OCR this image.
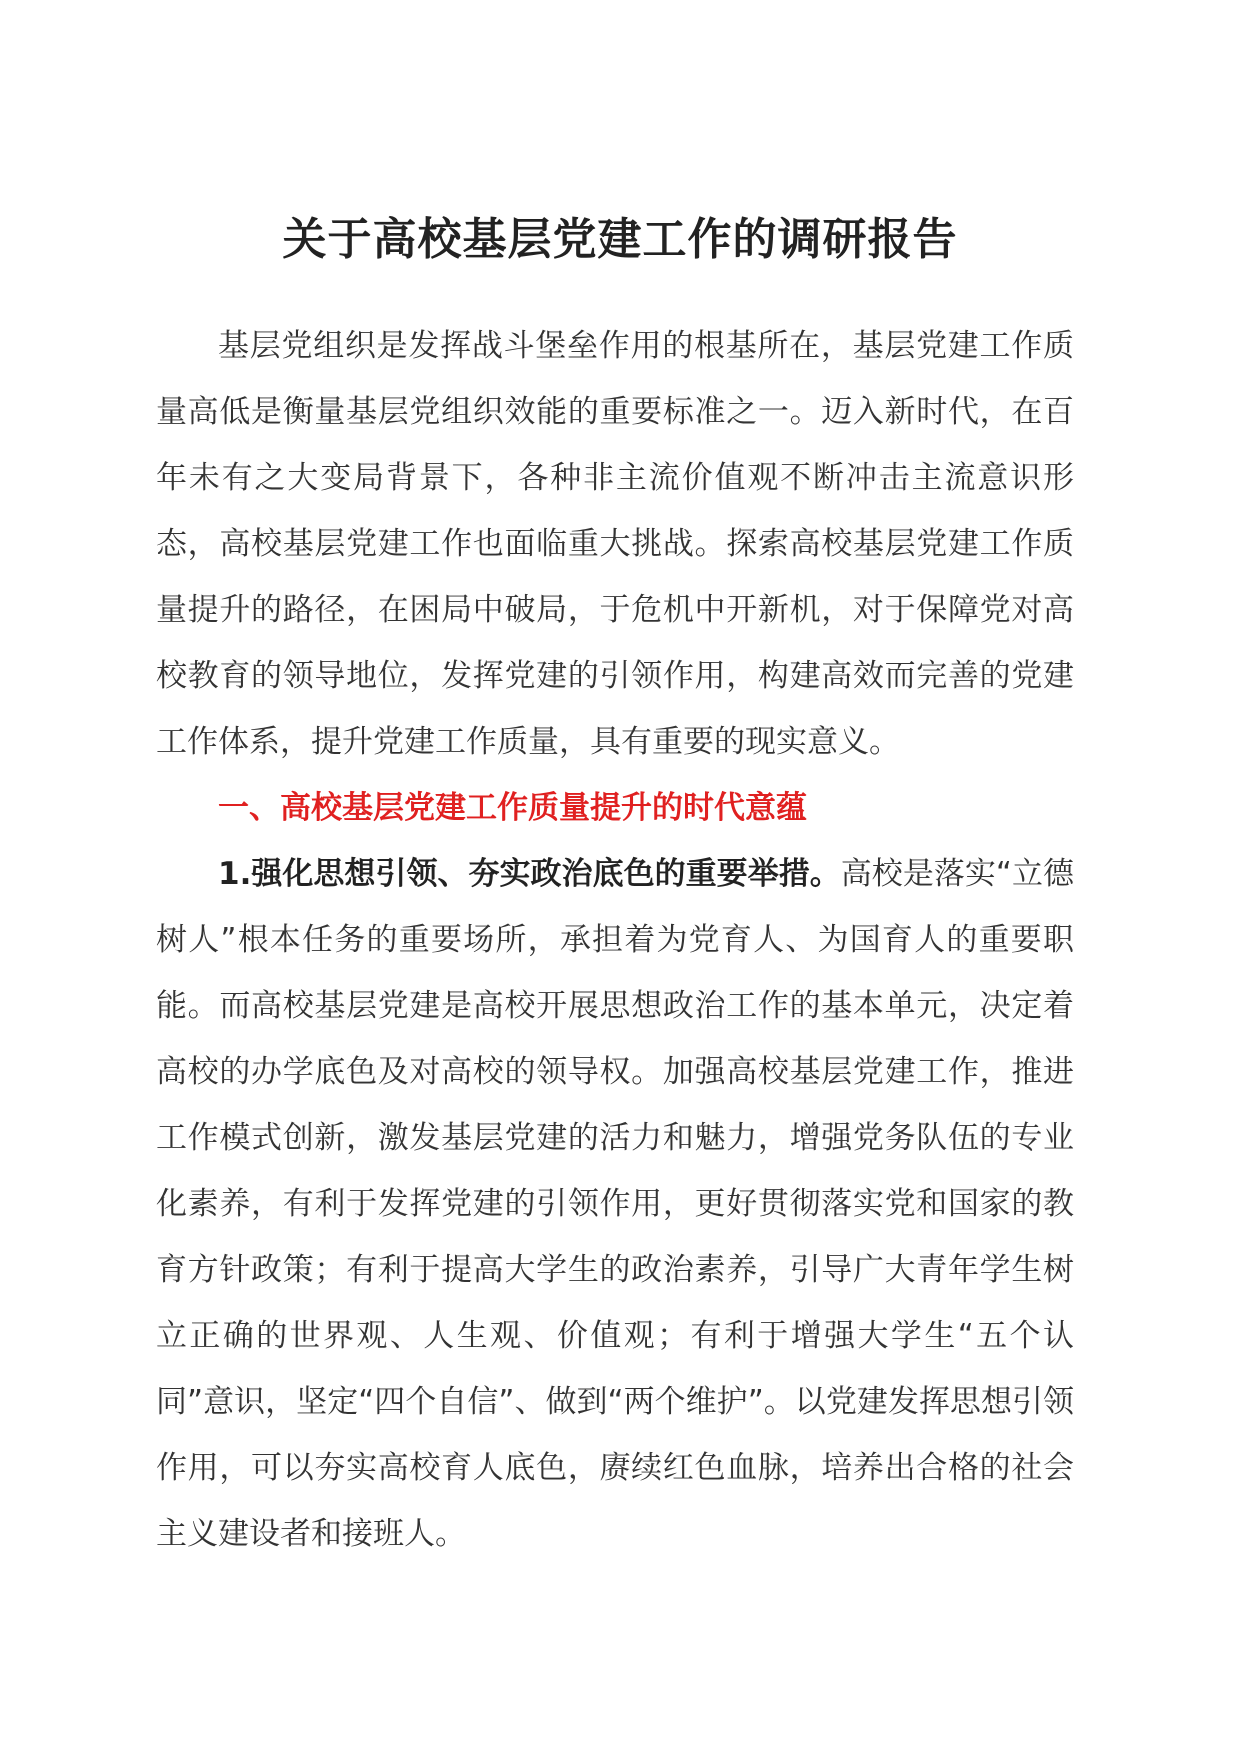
关于高校基层党建工作的调研报告

基层党组织是发挥战斗堡垒作用的根基所在，基层党建工作质量高低是衡量基层党组织效能的重要标准之一。迈入新时代，在百年未有之大变局背景下，各种非主流价值观不断冲击主流意识形态，高校基层党建工作也面临重大挑战。探索高校基层党建工作质量提升的路径，在困局中破局，于危机中开新机，对于保障党对高校教育的领导地位，发挥党建的引领作用，构建高效而完善的党建工作体系，提升党建工作质量，具有重要的现实意义。

一、高校基层党建工作质量提升的时代意蕴

1.强化思想引领、夯实政治底色的重要举措。高校是落实“立德树人”根本任务的重要场所，承担着为党育人、为国育人的重要职能。而高校基层党建是高校开展思想政治工作的基本单元，决定着高校的办学底色及对高校的领导权。加强高校基层党建工作，推进工作模式创新，激发基层党建的活力和魅力，增强党务队伍的专业化素养，有利于发挥党建的引领作用，更好贯彻落实党和国家的教育方针政策；有利于提高大学生的政治素养，引导广大青年学生树立正确的世界观、人生观、价值观；有利于增强大学生“五个认同”意识，坚定“四个自信”、做到“两个维护”。以党建发挥思想引领作用，可以夯实高校育人底色，赓续红色血脉，培养出合格的社会主义建设者和接班人。
